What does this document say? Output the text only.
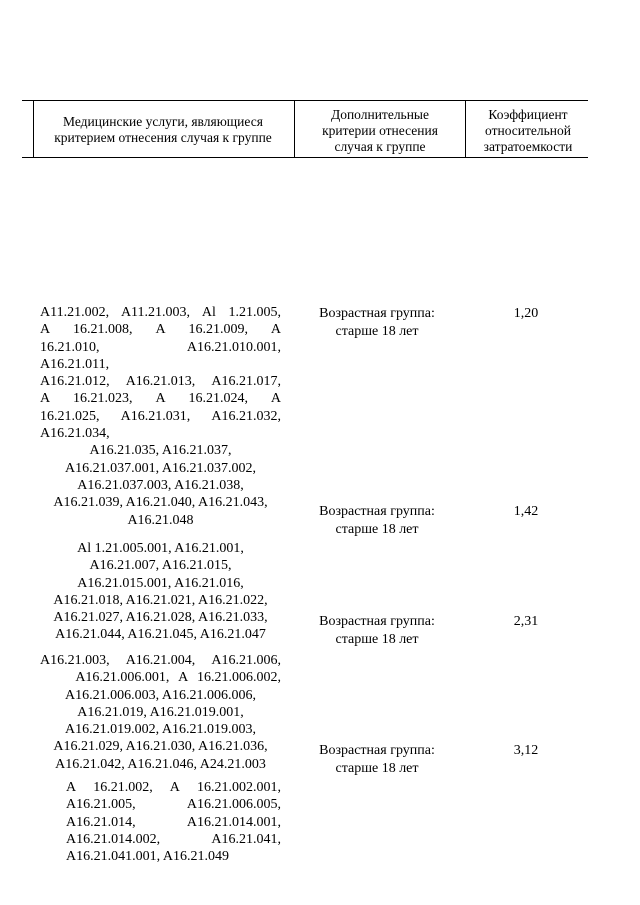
Медицинские услуги, являющиеся критерием отнесения случая к группе
Дополнительные критерии отнесения случая к группе
Коэффициент относительной затратоемкости
A11.21.002, A11.21.003, Al 1.21.005,
A 16.21.008, A 16.21.009, A
16.21.010, A16.21.010.001,
A16.21.011,
A16.21.012, A16.21.013, A16.21.017,
A 16.21.023, A 16.21.024, A
16.21.025, A16.21.031, A16.21.032,
A16.21.034,
A16.21.035, A16.21.037,
A16.21.037.001, A16.21.037.002,
A16.21.037.003, A16.21.038,
A16.21.039, A16.21.040, A16.21.043,
A16.21.048
Возрастная группа: старше 18 лет
1,20
Al 1.21.005.001, A16.21.001,
A16.21.007, A16.21.015,
A16.21.015.001, A16.21.016,
A16.21.018, A16.21.021, A16.21.022,
A16.21.027, A16.21.028, A16.21.033,
A16.21.044, A16.21.045, A16.21.047
Возрастная группа: старше 18 лет
1,42
A16.21.003, A16.21.004, A16.21.006,
A16.21.006.001, A 16.21.006.002,
A16.21.006.003, A16.21.006.006,
A16.21.019, A16.21.019.001,
A16.21.019.002, A16.21.019.003,
A16.21.029, A16.21.030, A16.21.036,
A16.21.042, A16.21.046, A24.21.003
Возрастная группа: старше 18 лет
2,31
A 16.21.002, A 16.21.002.001,
A16.21.005, A16.21.006.005,
A16.21.014, A16.21.014.001,
A16.21.014.002, A16.21.041,
A16.21.041.001, A16.21.049
Возрастная группа: старше 18 лет
3,12
